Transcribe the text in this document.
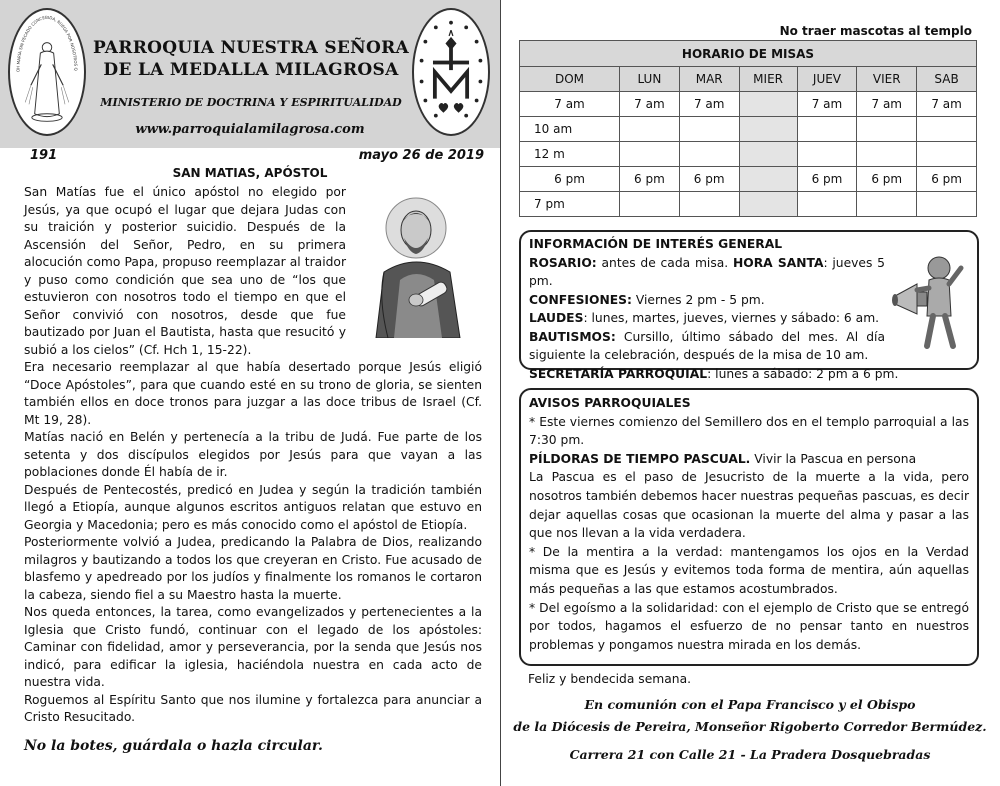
OH MARÍA SIN PECADO CONCEBIDA, RUEGA POR NOSOTROS Q
PARROQUIA NUESTRA SEÑORA
DE LA MEDALLA MILAGROSA
MINISTERIO DE DOCTRINA Y ESPIRITUALIDAD
www.parroquialamilagrosa.com
191	mayo 26 de 2019
SAN MATIAS, APÓSTOL

San Matías fue el único apóstol no elegido por Jesús, ya que ocupó el lugar que dejara Judas con su traición y posterior suicidio. Después de la Ascensión del Señor, Pedro, en su primera alocución como Papa, propuso reemplazar al traidor y puso como condición que sea uno de “los que estuvieron con nosotros todo el tiempo en que el Señor convivió con nosotros, desde que fue bautizado por Juan el Bautista, hasta que resucitó y subió a los cielos” (Cf. Hch 1, 15-22).

Era necesario reemplazar al que había desertado porque Jesús eligió “Doce Apóstoles”, para que cuando esté en su trono de gloria, se sienten también ellos en doce tronos para juzgar a las doce tribus de Israel (Cf. Mt 19, 28).

Matías nació en Belén y pertenecía a la tribu de Judá. Fue parte de los setenta y dos discípulos elegidos por Jesús para que vayan a las poblaciones donde Él había de ir.

Después de Pentecostés, predicó en Judea y según la tradición también llegó a Etiopía, aunque algunos escritos antiguos relatan que estuvo en Georgia y Macedonia; pero es más conocido como el apóstol de Etiopía.

Posteriormente volvió a Judea, predicando la Palabra de Dios, realizando milagros y bautizando a todos los que creyeran en Cristo. Fue acusado de blasfemo y apedreado por los judíos y finalmente los romanos le cortaron la cabeza, siendo fiel a su Maestro hasta la muerte.

Nos queda entonces, la tarea, como evangelizados y pertenecientes a la Iglesia que Cristo fundó, continuar con el legado de los apóstoles: Caminar con fidelidad, amor y perseverancia, por la senda que Jesús nos indicó, para edificar la iglesia, haciéndola nuestra en cada acto de nuestra vida.

Roguemos al Espíritu Santo que nos ilumine y fortalezca para anunciar a Cristo Resucitado.

No la botes, guárdala o hazla circular.
No traer mascotas al templo
HORARIO DE MISAS						
DOM	LUN	MAR	MIER	JUEV	VIER	SAB
7 am	7 am	7 am		7 am	7 am	7 am
10 am						
12 m						
6 pm	6 pm	6 pm		6 pm	6 pm	6 pm
7 pm						
INFORMACIÓN DE INTERÉS GENERAL

ROSARIO: antes de cada misa. HORA SANTA: jueves 5 pm.

CONFESIONES: Viernes 2 pm - 5 pm.

LAUDES: lunes, martes, jueves, viernes y sábado: 6 am.

BAUTISMOS: Cursillo, último sábado del mes. Al día siguiente la celebración, después de la misa de 10 am.

SECRETARÍA PARROQUIAL: lunes a sábado: 2 pm a 6 pm.

AVISOS PARROQUIALES

* Este viernes comienzo del Semillero dos en el templo parroquial a las 7:30 pm.

PÍLDORAS DE TIEMPO PASCUAL. Vivir la Pascua en persona

La Pascua es el paso de Jesucristo de la muerte a la vida, pero nosotros también debemos hacer nuestras pequeñas pascuas, es decir dejar aquellas cosas que ocasionan la muerte del alma y pasar a las que nos llevan a la vida verdadera.

* De la mentira a la verdad: mantengamos los ojos en la Verdad misma que es Jesús y evitemos toda forma de mentira, aún aquellas más pequeñas a las que estamos acostumbrados.

* Del egoísmo a la solidaridad: con el ejemplo de Cristo que se entregó por todos, hagamos el esfuerzo de no pensar tanto en nuestros problemas y pongamos nuestra mirada en los demás.

Feliz y bendecida semana.
En comunión con el Papa Francisco y el Obispo
de la Diócesis de Pereira, Monseñor Rigoberto Corredor Bermúdez.
Carrera 21 con Calle 21 - La Pradera Dosquebradas
